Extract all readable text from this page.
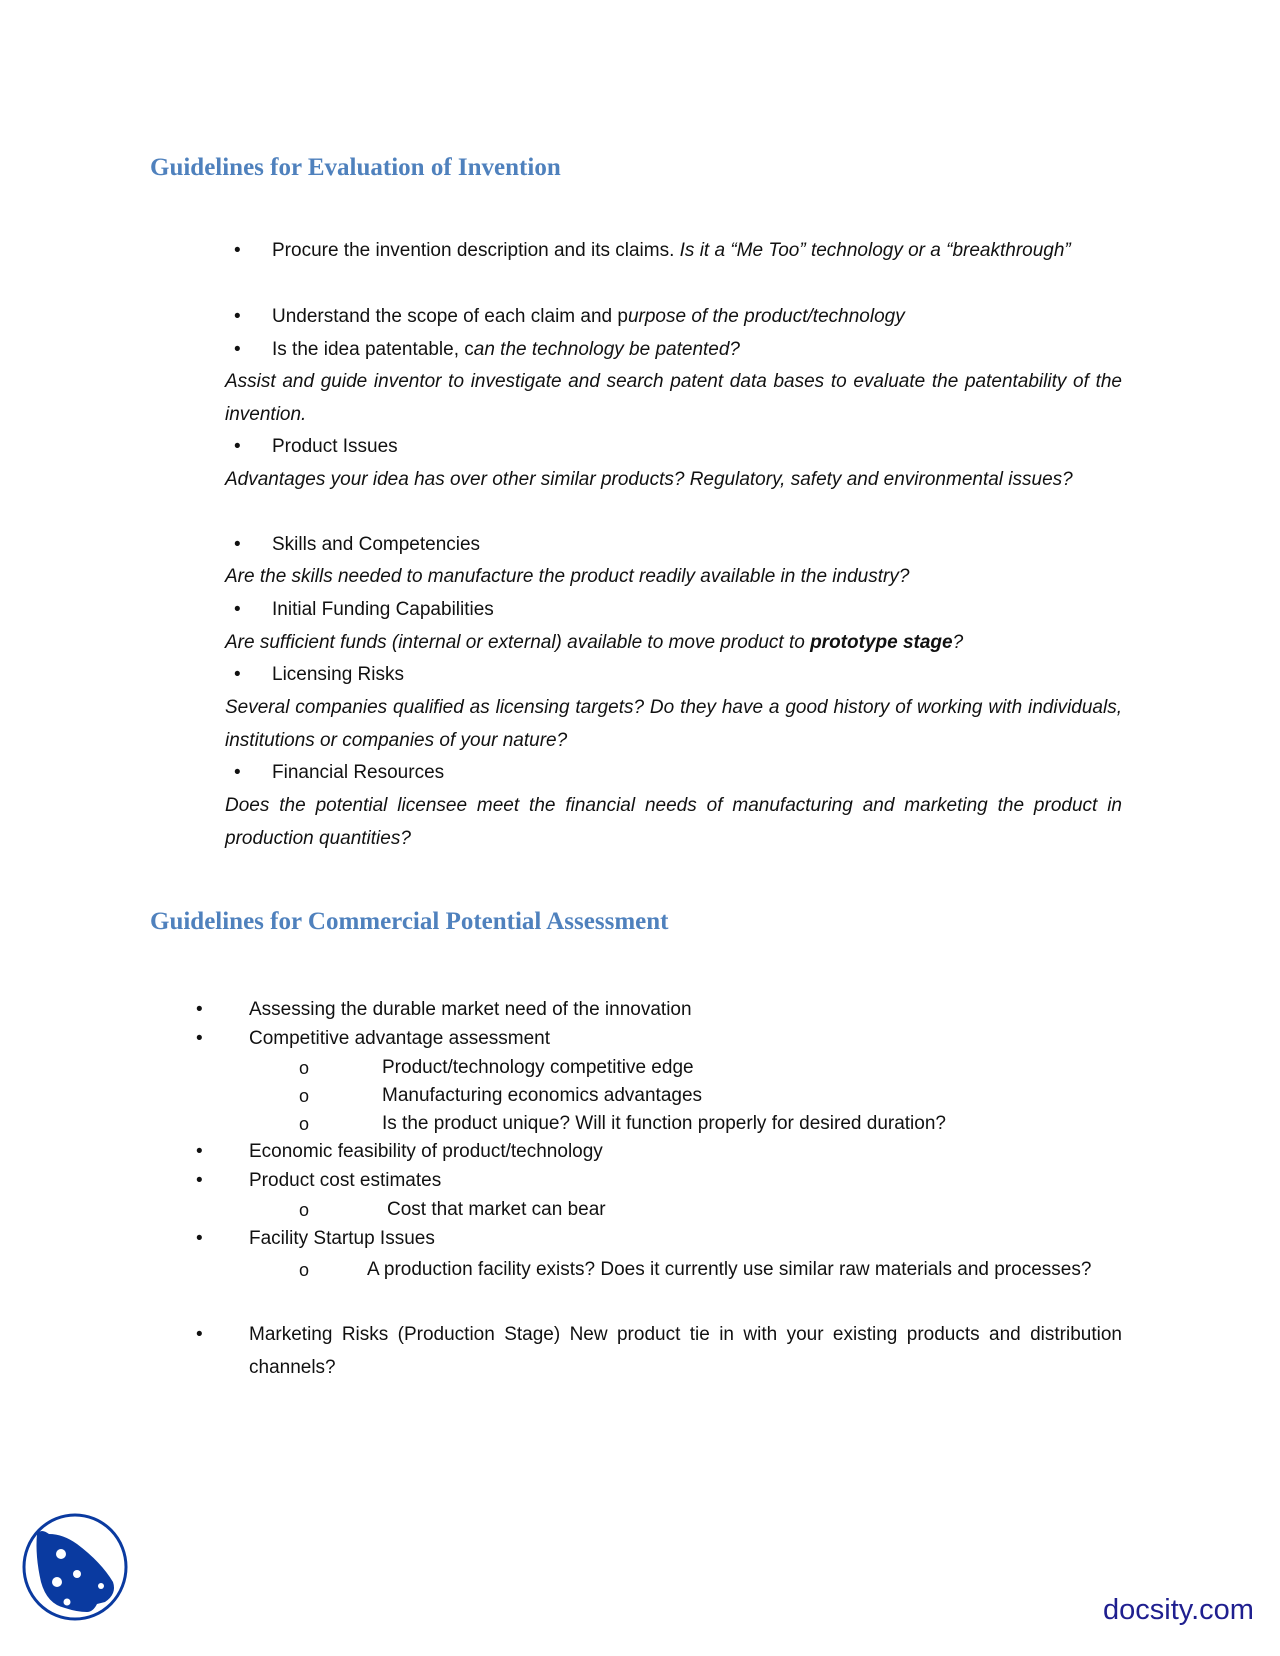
Guidelines for Evaluation of Invention
• Procure the invention description and its claims. Is it a “Me Too” technology or a “breakthrough”
• Understand the scope of each claim and purpose of the product/technology
• Is the idea patentable, can the technology be patented?
Assist and guide inventor to investigate and search patent data bases to evaluate the patentability of the invention.
• Product Issues
Advantages your idea has over other similar products? Regulatory, safety and environmental issues?
• Skills and Competencies
Are the skills needed to manufacture the product readily available in the industry?
• Initial Funding Capabilities
Are sufficient funds (internal or external) available to move product to prototype stage?
• Licensing Risks
Several companies qualified as licensing targets? Do they have a good history of working with individuals, institutions or companies of your nature?
• Financial Resources
Does the potential licensee meet the financial needs of manufacturing and marketing the product in production quantities?
Guidelines for Commercial Potential Assessment
• Assessing the durable market need of the innovation
• Competitive advantage assessment
o	Product/technology competitive edge
o	Manufacturing economics advantages
o	Is the product unique? Will it function properly for desired duration?
• Economic feasibility of product/technology
• Product cost estimates
o	Cost that market can bear
• Facility Startup Issues
o	A production facility exists? Does it currently use similar raw materials and processes?
• Marketing Risks (Production Stage) New product tie in with your existing products and distribution channels?
docsity.com
